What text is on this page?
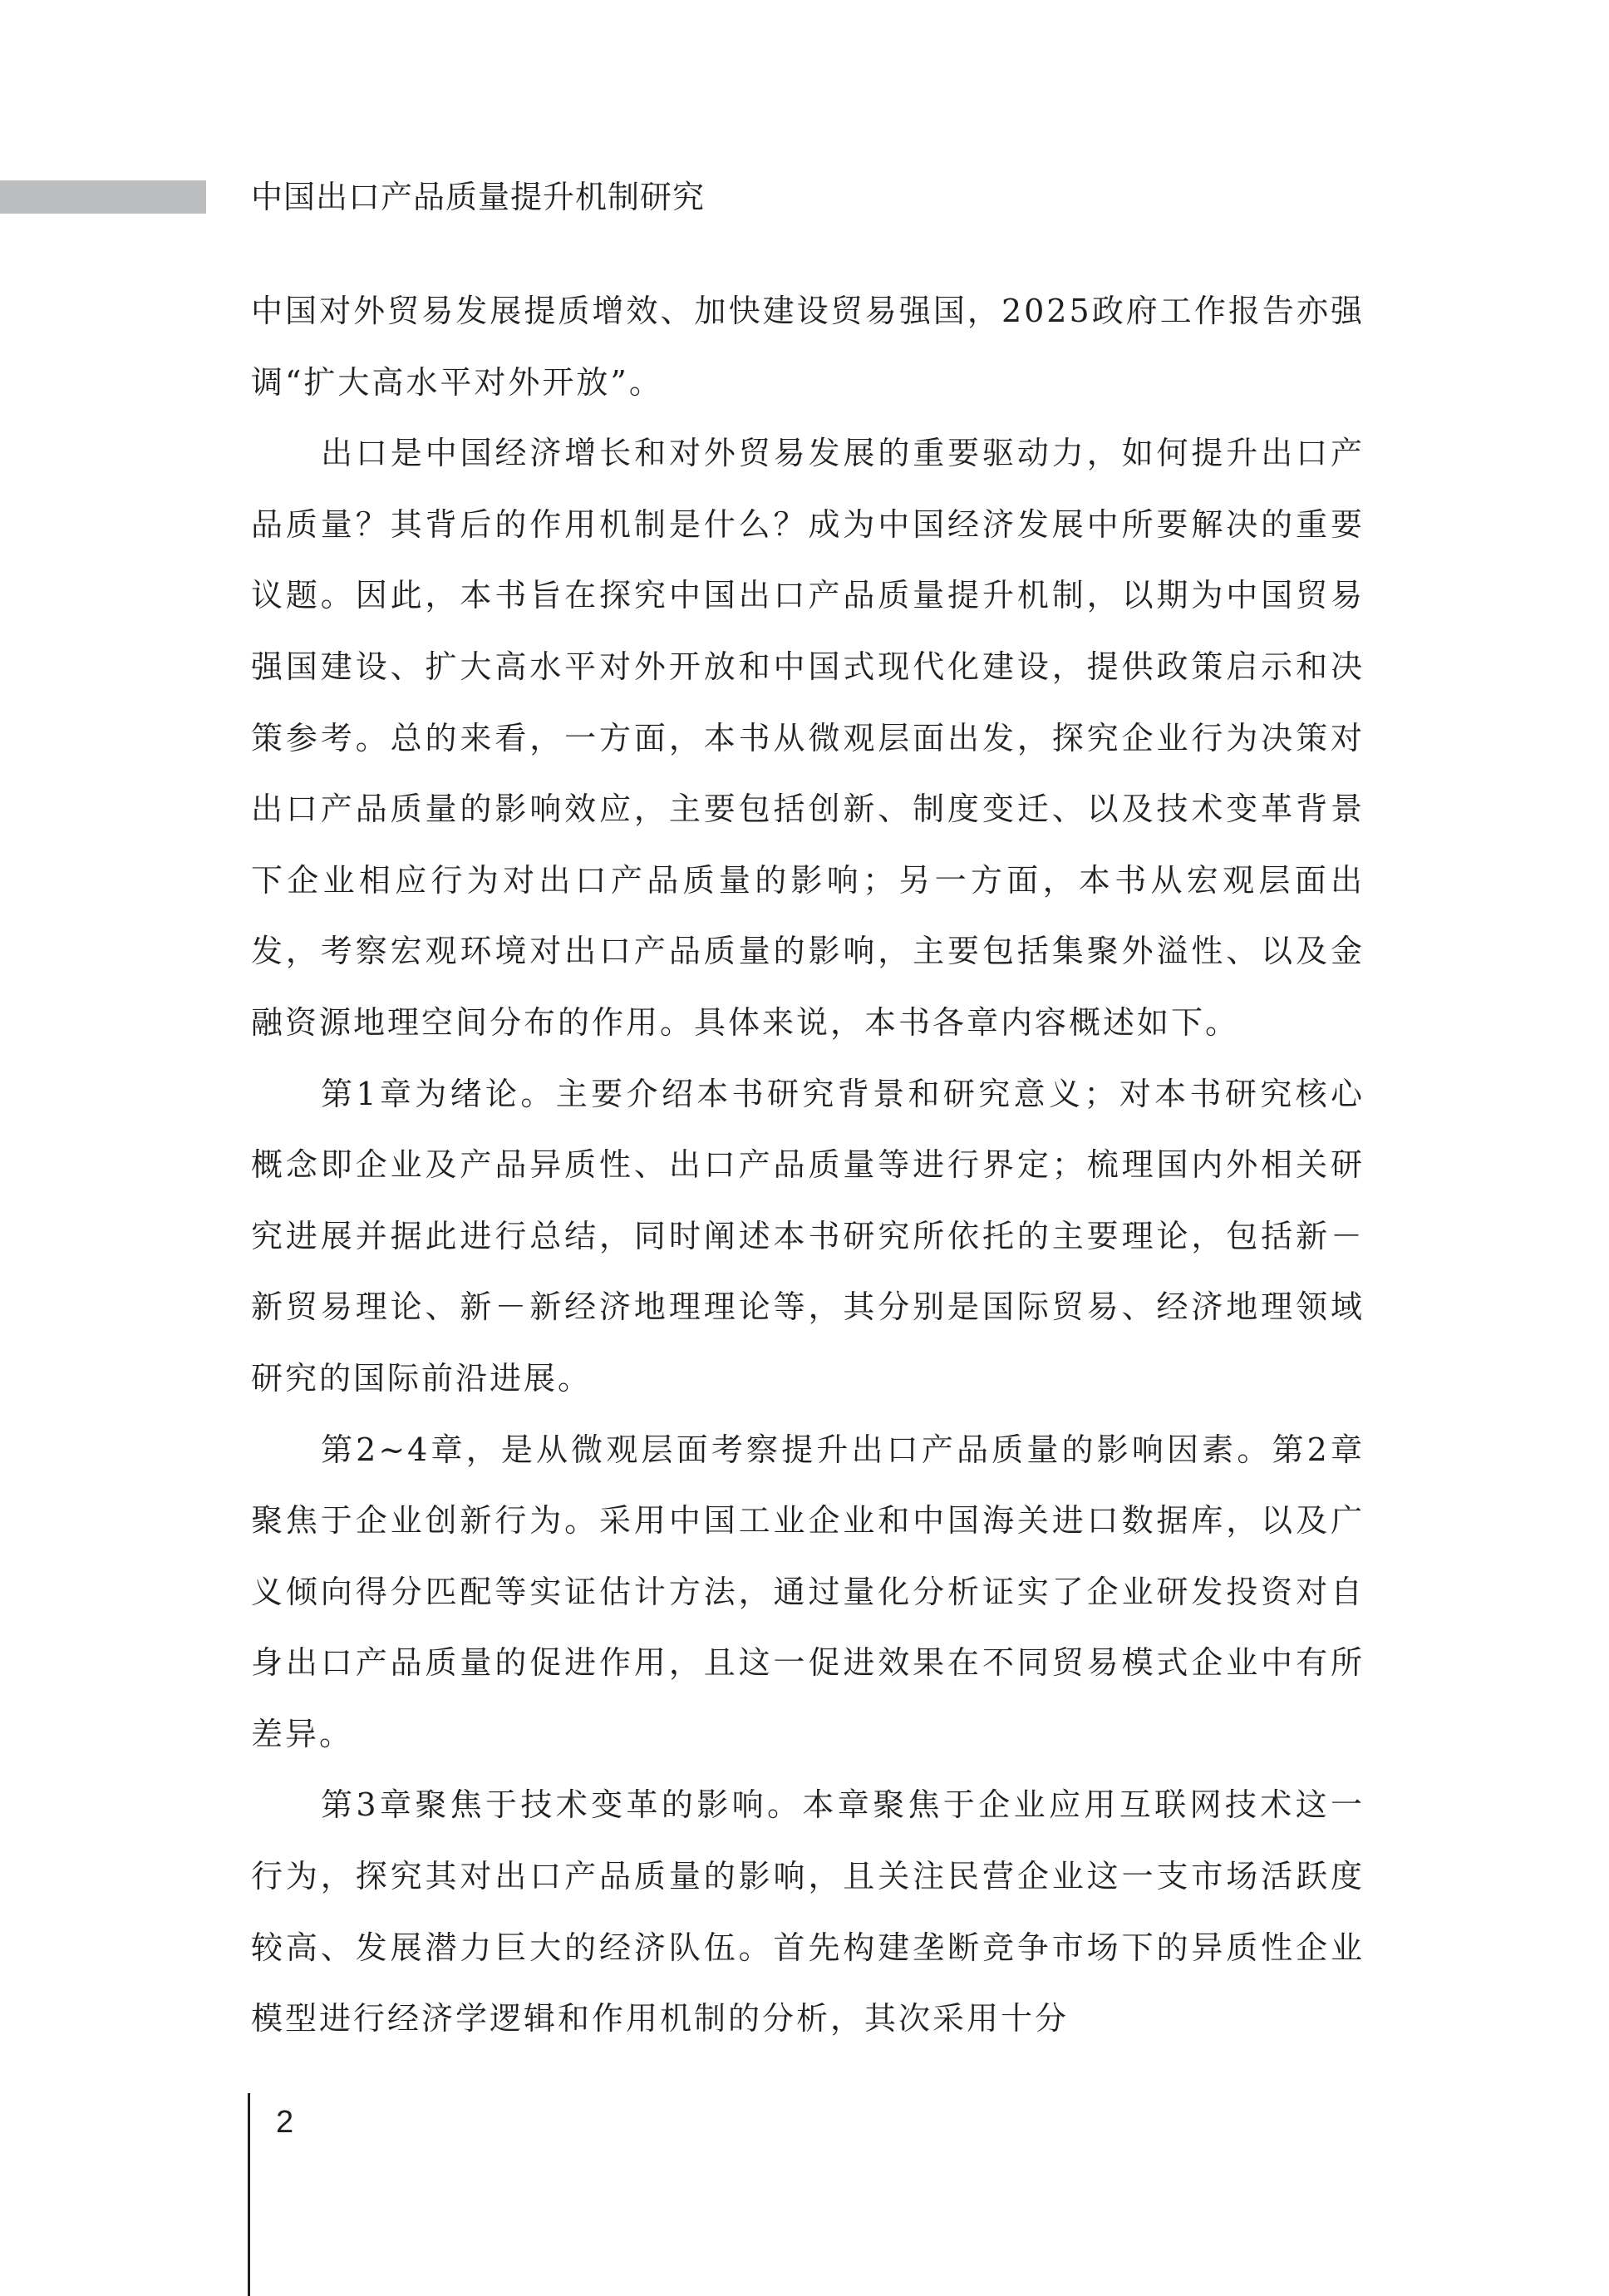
中国出口产品质量提升机制研究

中国对外贸易发展提质增效、加快建设贸易强国，2025政府工作报告亦强调“扩大高水平对外开放”。

出口是中国经济增长和对外贸易发展的重要驱动力，如何提升出口产品质量？其背后的作用机制是什么？成为中国经济发展中所要解决的重要议题。因此，本书旨在探究中国出口产品质量提升机制，以期为中国贸易强国建设、扩大高水平对外开放和中国式现代化建设，提供政策启示和决策参考。总的来看，一方面，本书从微观层面出发，探究企业行为决策对出口产品质量的影响效应，主要包括创新、制度变迁、以及技术变革背景下企业相应行为对出口产品质量的影响；另一方面，本书从宏观层面出发，考察宏观环境对出口产品质量的影响，主要包括集聚外溢性、以及金融资源地理空间分布的作用。具体来说，本书各章内容概述如下。

第1章为绪论。主要介绍本书研究背景和研究意义；对本书研究核心概念即企业及产品异质性、出口产品质量等进行界定；梳理国内外相关研究进展并据此进行总结，同时阐述本书研究所依托的主要理论，包括新－新贸易理论、新－新经济地理理论等，其分别是国际贸易、经济地理领域研究的国际前沿进展。

第2~4章，是从微观层面考察提升出口产品质量的影响因素。第2章聚焦于企业创新行为。采用中国工业企业和中国海关进口数据库，以及广义倾向得分匹配等实证估计方法，通过量化分析证实了企业研发投资对自身出口产品质量的促进作用，且这一促进效果在不同贸易模式企业中有所差异。

第3章聚焦于技术变革的影响。本章聚焦于企业应用互联网技术这一行为，探究其对出口产品质量的影响，且关注民营企业这一支市场活跃度较高、发展潜力巨大的经济队伍。首先构建垄断竞争市场下的异质性企业模型进行经济学逻辑和作用机制的分析，其次采用十分

2
